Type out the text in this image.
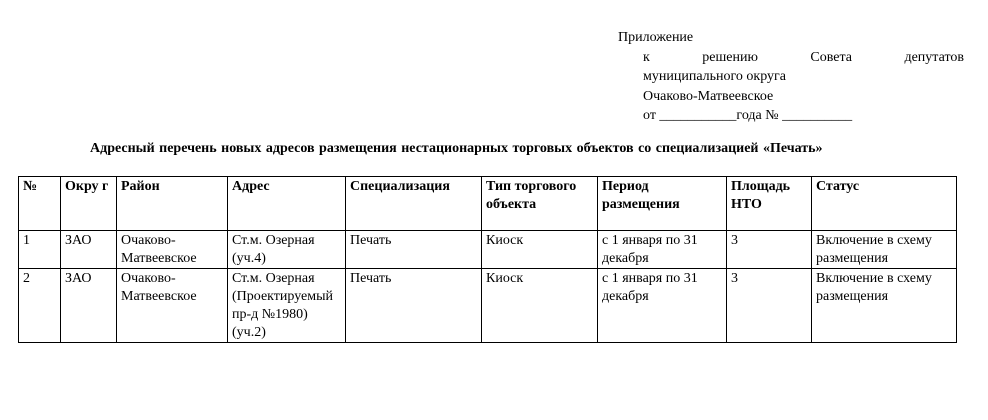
Приложение
к	решению	Совета	депутатов
муниципального округа
Очаково-Матвеевское
от ___________года № __________
Адресный перечень новых адресов размещения нестационарных торговых объектов со специализацией «Печать»
№	Окру г	Район	Адрес	Специализация	Тип торгового объекта	Период размещения	Площадь НТО	Статус
1	ЗАО	Очаково-Матвеевское	Ст.м. Озерная (уч.4)	Печать	Киоск	с 1 января по 31 декабря	3	Включение в схему размещения
2	ЗАО	Очаково-Матвеевское	Ст.м. Озерная (Проектируемый пр-д №1980) (уч.2)	Печать	Киоск	с 1 января по 31 декабря	3	Включение в схему размещения
